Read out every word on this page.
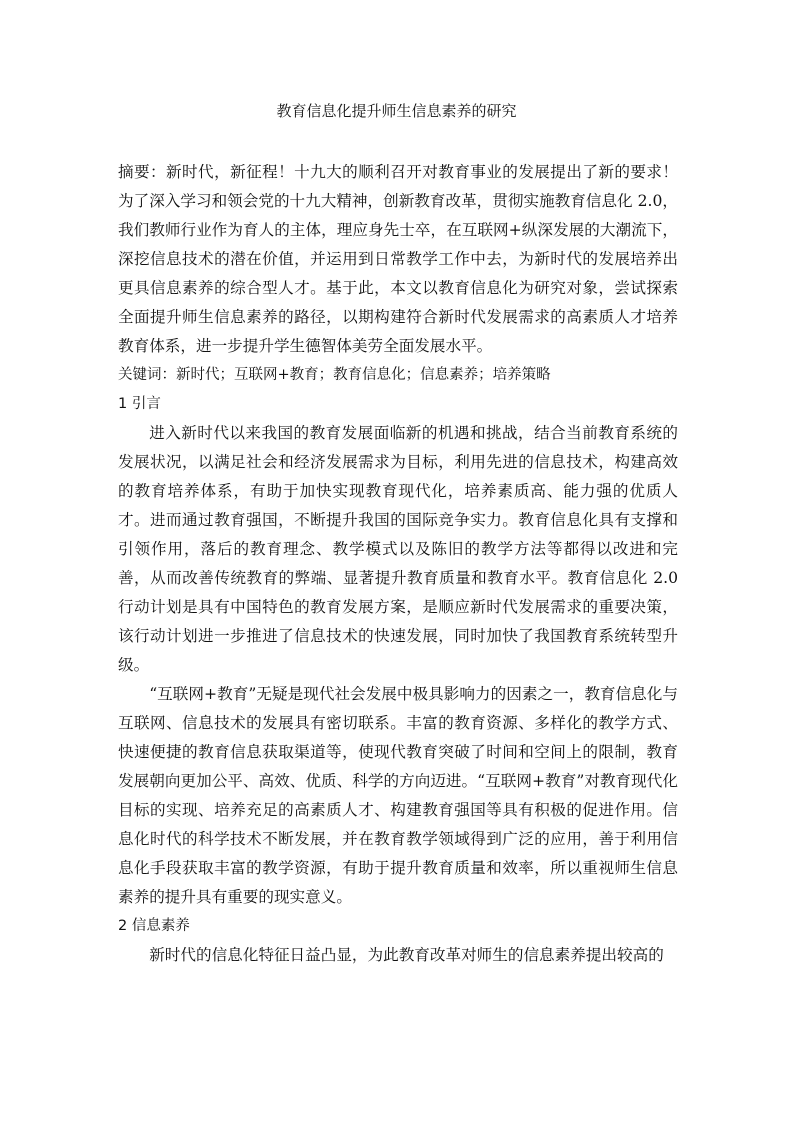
教育信息化提升师生信息素养的研究

摘要：新时代，新征程！十九大的顺利召开对教育事业的发展提出了新的要求！为了深入学习和领会党的十九大精神，创新教育改革，贯彻实施教育信息化 2.0，我们教师行业作为育人的主体，理应身先士卒，在互联网+纵深发展的大潮流下，深挖信息技术的潜在价值，并运用到日常教学工作中去，为新时代的发展培养出更具信息素养的综合型人才。基于此，本文以教育信息化为研究对象，尝试探索全面提升师生信息素养的路径，以期构建符合新时代发展需求的高素质人才培养教育体系，进一步提升学生德智体美劳全面发展水平。

关键词：新时代；互联网+教育；教育信息化；信息素养；培养策略

1 引言

进入新时代以来我国的教育发展面临新的机遇和挑战，结合当前教育系统的发展状况，以满足社会和经济发展需求为目标，利用先进的信息技术，构建高效的教育培养体系，有助于加快实现教育现代化，培养素质高、能力强的优质人才。进而通过教育强国，不断提升我国的国际竞争实力。教育信息化具有支撑和引领作用，落后的教育理念、教学模式以及陈旧的教学方法等都得以改进和完善，从而改善传统教育的弊端、显著提升教育质量和教育水平。教育信息化 2.0 行动计划是具有中国特色的教育发展方案，是顺应新时代发展需求的重要决策，该行动计划进一步推进了信息技术的快速发展，同时加快了我国教育系统转型升级。

“互联网+教育”无疑是现代社会发展中极具影响力的因素之一，教育信息化与互联网、信息技术的发展具有密切联系。丰富的教育资源、多样化的教学方式、快速便捷的教育信息获取渠道等，使现代教育突破了时间和空间上的限制，教育发展朝向更加公平、高效、优质、科学的方向迈进。“互联网+教育”对教育现代化目标的实现、培养充足的高素质人才、构建教育强国等具有积极的促进作用。信息化时代的科学技术不断发展，并在教育教学领域得到广泛的应用，善于利用信息化手段获取丰富的教学资源，有助于提升教育质量和效率，所以重视师生信息素养的提升具有重要的现实意义。

2 信息素养

新时代的信息化特征日益凸显，为此教育改革对师生的信息素养提出较高的
